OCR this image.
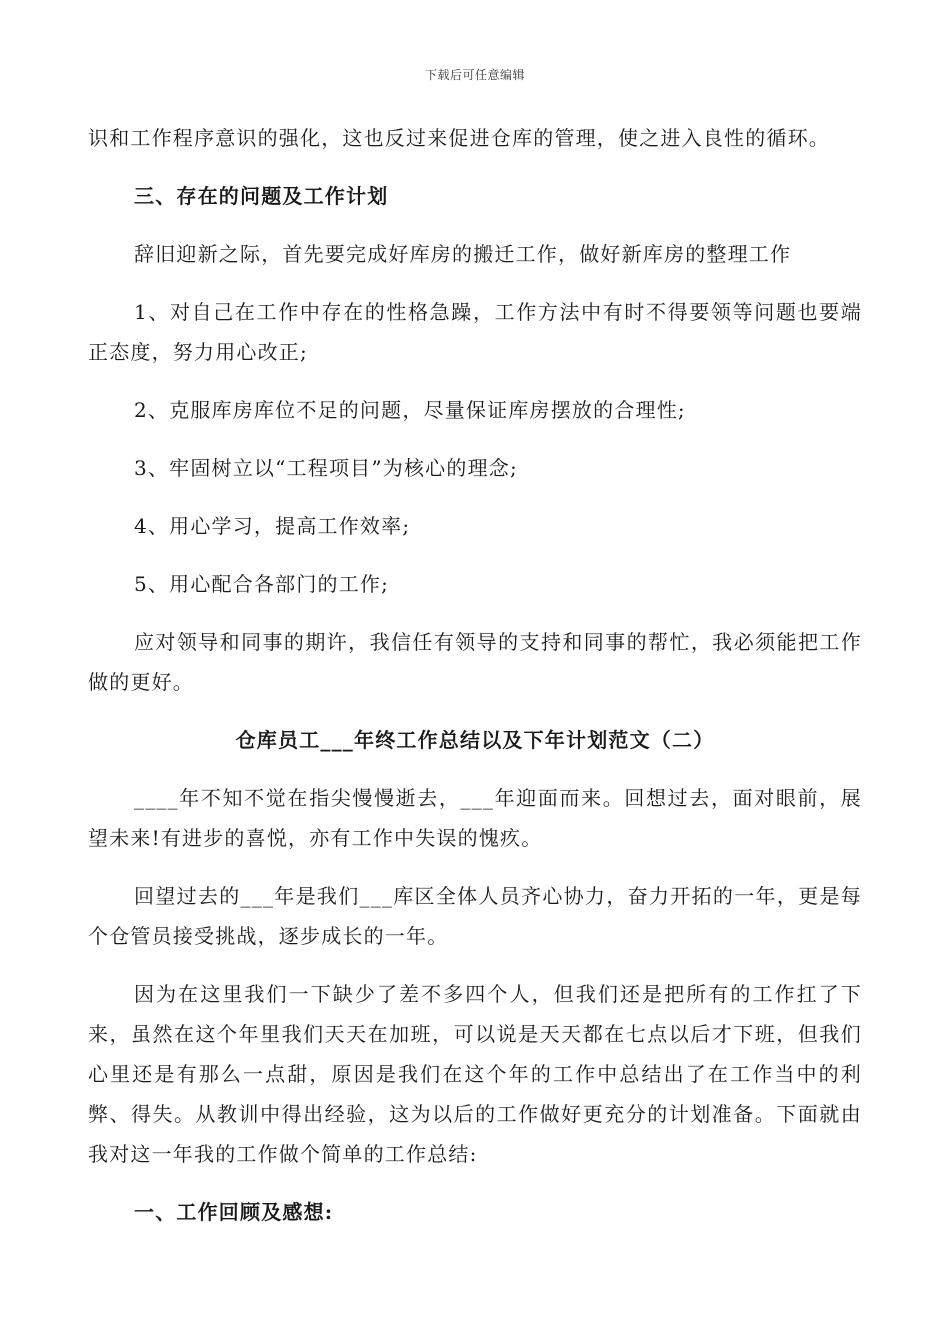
下载后可任意编辑

识和工作程序意识的强化，这也反过来促进仓库的管理，使之进入良性的循环。

三、存在的问题及工作计划

辞旧迎新之际，首先要完成好库房的搬迁工作，做好新库房的整理工作

1、对自己在工作中存在的性格急躁，工作方法中有时不得要领等问题也要端正态度，努力用心改正;

2、克服库房库位不足的问题，尽量保证库房摆放的合理性;

3、牢固树立以“工程项目”为核心的理念;

4、用心学习，提高工作效率;

5、用心配合各部门的工作;

应对领导和同事的期许，我信任有领导的支持和同事的帮忙，我必须能把工作做的更好。

仓库员工___年终工作总结以及下年计划范文（二）

____年不知不觉在指尖慢慢逝去，___年迎面而来。回想过去，面对眼前，展望未来!有进步的喜悦，亦有工作中失误的愧疚。

回望过去的___年是我们___库区全体人员齐心协力，奋力开拓的一年，更是每个仓管员接受挑战，逐步成长的一年。

因为在这里我们一下缺少了差不多四个人，但我们还是把所有的工作扛了下来，虽然在这个年里我们天天在加班，可以说是天天都在七点以后才下班，但我们心里还是有那么一点甜，原因是我们在这个年的工作中总结出了在工作当中的利弊、得失。从教训中得出经验，这为以后的工作做好更充分的计划准备。下面就由我对这一年我的工作做个简单的工作总结:

一、工作回顾及感想:
